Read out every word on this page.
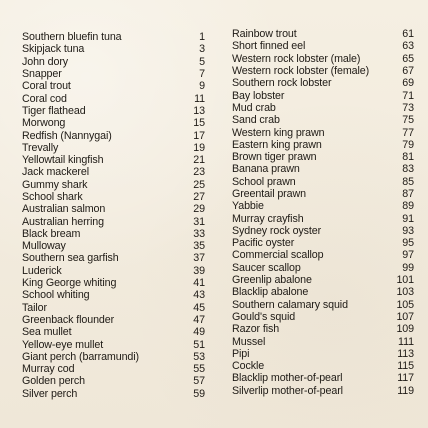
Southern bluefin tuna	1
Skipjack tuna	3
John dory	5
Snapper	7
Coral trout	9
Coral cod	11
Tiger flathead	13
Morwong	15
Redfish (Nannygai)	17
Trevally	19
Yellowtail kingfish	21
Jack mackerel	23
Gummy shark	25
School shark	27
Australian salmon	29
Australian herring	31
Black bream	33
Mulloway	35
Southern sea garfish	37
Luderick	39
King George whiting	41
School whiting	43
Tailor	45
Greenback flounder	47
Sea mullet	49
Yellow-eye mullet	51
Giant perch (barramundi)	53
Murray cod	55
Golden perch	57
Silver perch	59
Rainbow trout	61
Short finned eel	63
Western rock lobster (male)	65
Western rock lobster (female)	67
Southern rock lobster	69
Bay lobster	71
Mud crab	73
Sand crab	75
Western king prawn	77
Eastern king prawn	79
Brown tiger prawn	81
Banana prawn	83
School prawn	85
Greentail prawn	87
Yabbie	89
Murray crayfish	91
Sydney rock oyster	93
Pacific oyster	95
Commercial scallop	97
Saucer scallop	99
Greenlip abalone	101
Blacklip abalone	103
Southern calamary squid	105
Gould's squid	107
Razor fish	109
Mussel	111
Pipi	113
Cockle	115
Blacklip mother-of-pearl	117
Silverlip mother-of-pearl	119
